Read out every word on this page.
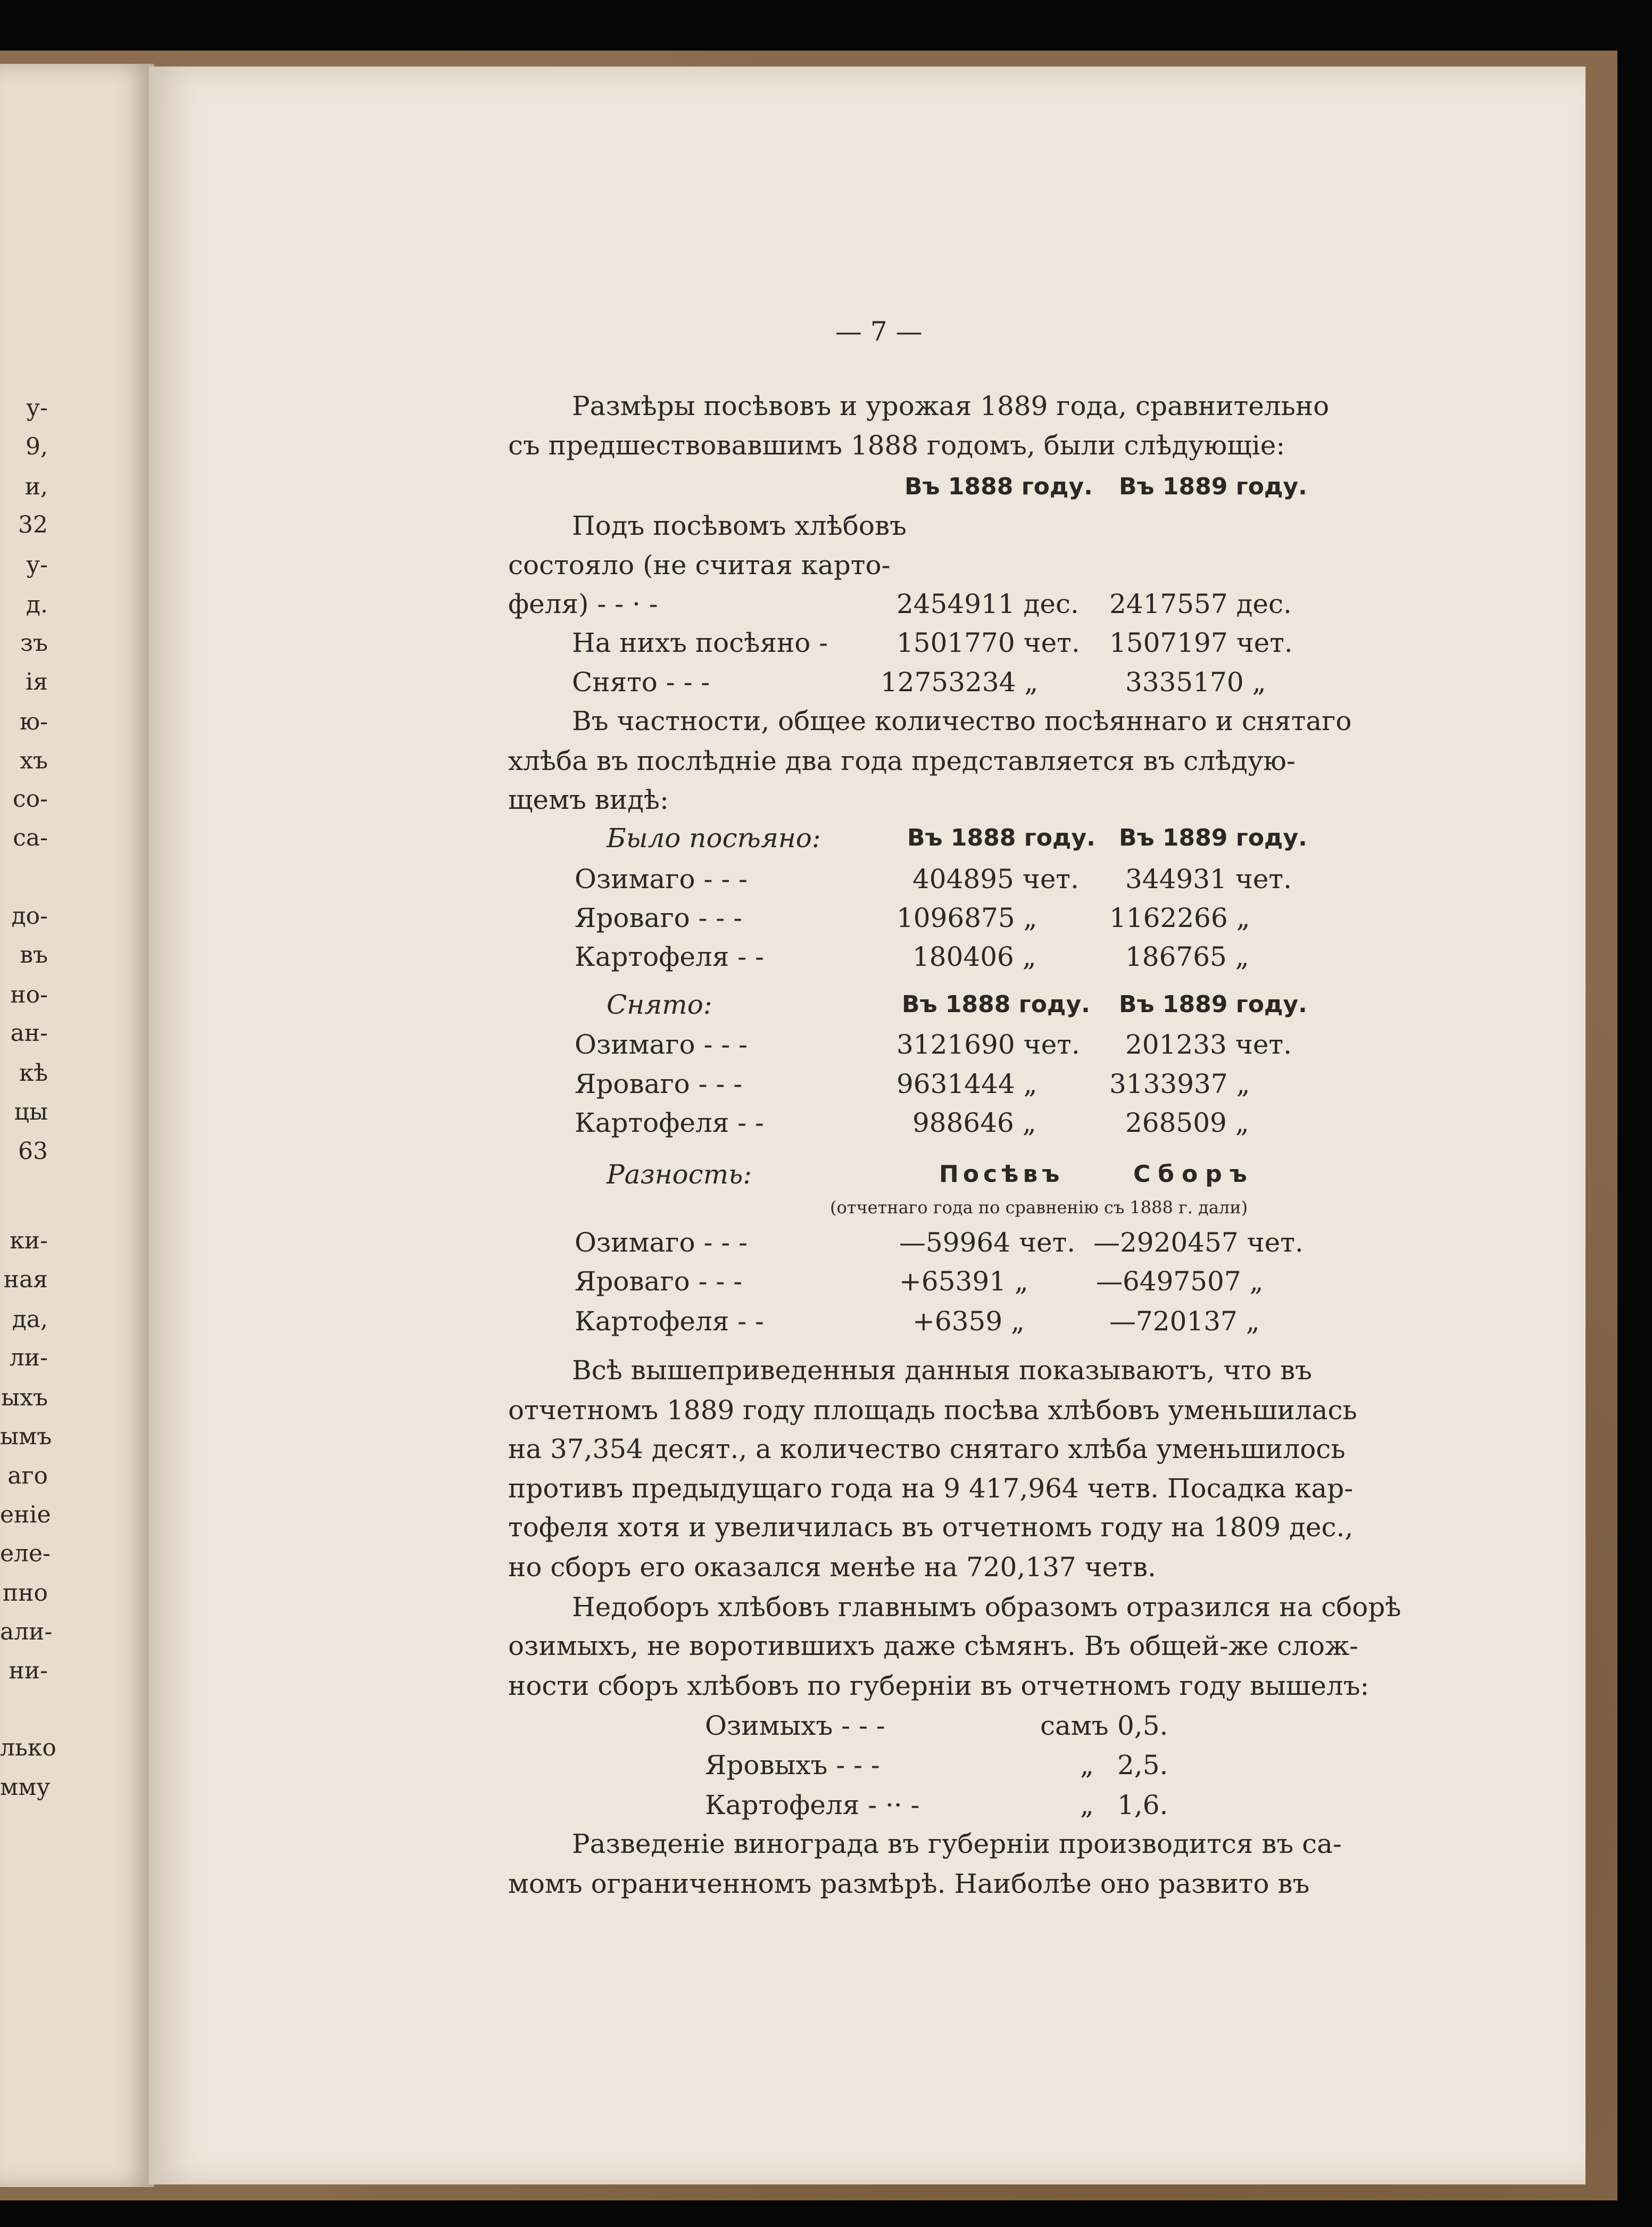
у-
9,
и,
32
у-
д.
зъ
ія
ю-
хъ
со-
са-
до-
въ
но-
ан-
кѣ
цы
63
ки-
ная
да,
ли-
ыхъ
ымъ
аго
еніе
еле-
пно
али-
ни-
лько
мму
— 7 —
Размѣры посѣвовъ и урожая 1889 года, сравнительно
съ предшествовавшимъ 1888 годомъ, были слѣдующіе:
Въ 1888 году. Въ 1889 году.
Подъ посѣвомъ хлѣбовъ
состояло (не считая карто-
феля) - - · -	2454911 дес. 2417557 дес.
На нихъ посѣяно -	1501770 чет. 1507197 чет.
Снято - - -	12753234 „	3335170 „
Въ частности, общее количество посѣяннаго и снятаго
хлѣба въ послѣдніе два года представляется въ слѣдую-
щемъ видѣ:
Было посѣяно:	Въ 1888 году. Въ 1889 году.
Озимаго - - -	404895 чет. 344931 чет.
Яроваго - - -	1096875 „	1162266 „
Картофеля - -	180406 „	186765 „
Снято:	Въ 1888 году. Въ 1889 году.
Озимаго - - -	3121690 чет. 201233 чет.
Яроваго - - -	9631444 „	3133937 „
Картофеля - -	988646 „	268509 „
Разность:	Посѣвъ	Сборъ
(отчетнаго года по сравненію съ 1888 г. дали)
Озимаго - - -	—59964 чет. —2920457 чет.
Яроваго - - -	+65391 „	—6497507 „
Картофеля - -	+6359 „	—720137 „
Всѣ вышеприведенныя данныя показываютъ, что въ
отчетномъ 1889 году площадь посѣва хлѣбовъ уменьшилась
на 37,354 десят., а количество снятаго хлѣба уменьшилось
противъ предыдущаго года на 9 417,964 четв. Посадка кар-
тофеля хотя и увеличилась въ отчетномъ году на 1809 дес.,
но сборъ его оказался менѣе на 720,137 четв.
Недоборъ хлѣбовъ главнымъ образомъ отразился на сборѣ
озимыхъ, не воротившихъ даже сѣмянъ. Въ общей-же слож-
ности сборъ хлѣбовъ по губерніи въ отчетномъ году вышелъ:
Озимыхъ - - -	самъ 0,5.
Яровыхъ - - -	„ 2,5.
Картофеля - ·· -	„ 1,6.
Разведеніе винограда въ губерніи производится въ са-
момъ ограниченномъ размѣрѣ. Наиболѣе оно развито въ
